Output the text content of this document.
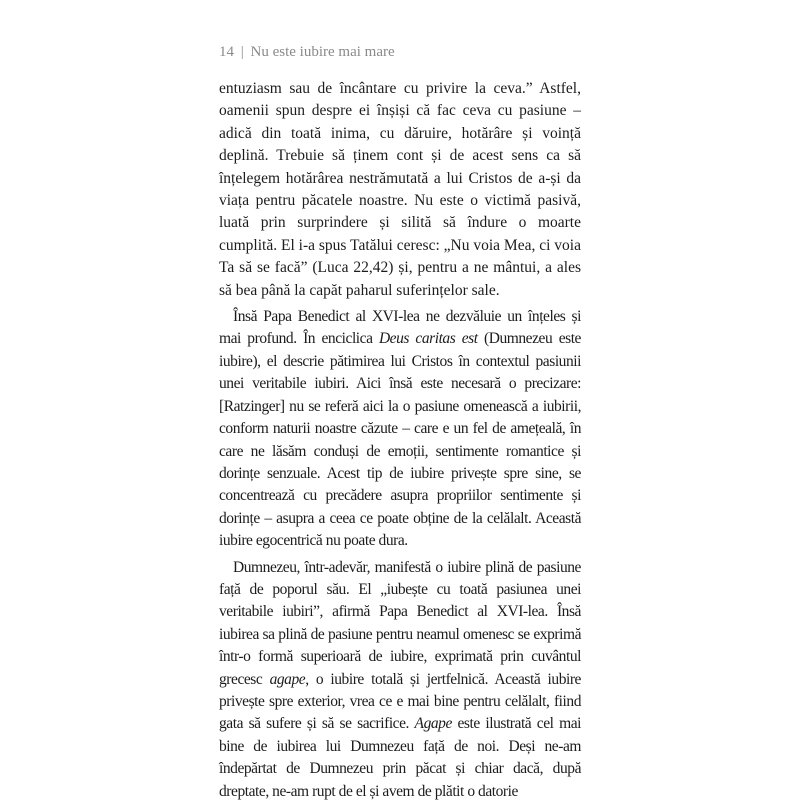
14 | Nu este iubire mai mare

entuziasm sau de încântare cu privire la ceva.” Astfel, oamenii spun despre ei înșiși că fac ceva cu pasiune – adică din toată inima, cu dăruire, hotărâre și voință deplină. Trebuie să ținem cont și de acest sens ca să înțelegem hotărârea nestrămutată a lui Cristos de a-și da viața pentru păcatele noastre. Nu este o victimă pasivă, luată prin surprindere și silită să îndure o moarte cumplită. El i-a spus Tatălui ceresc: „Nu voia Mea, ci voia Ta să se facă” (Luca 22,42) și, pentru a ne mântui, a ales să bea până la capăt paharul suferințelor sale.

Însă Papa Benedict al XVI-lea ne dezvăluie un înțeles și mai profund. În enciclica Deus caritas est (Dumnezeu este iubire), el descrie pătimirea lui Cristos în contextul pasiunii unei veritabile iubiri. Aici însă este necesară o precizare: [Ratzinger] nu se referă aici la o pasiune omenească a iubirii, conform naturii noastre căzute – care e un fel de amețeală, în care ne lăsăm conduși de emoții, sentimente romantice și dorințe senzuale. Acest tip de iubire privește spre sine, se concentrează cu precădere asupra propriilor sentimente și dorințe – asupra a ceea ce poate obține de la celălalt. Această iubire egocentrică nu poate dura.

Dumnezeu, într-adevăr, manifestă o iubire plină de pasiune față de poporul său. El „iubește cu toată pasiunea unei veritabile iubiri”, afirmă Papa Benedict al XVI-lea. Însă iubirea sa plină de pasiune pentru neamul omenesc se exprimă într-o formă superioară de iubire, exprimată prin cuvântul grecesc agape, o iubire totală și jertfelnică. Această iubire privește spre exterior, vrea ce e mai bine pentru celălalt, fiind gata să sufere și să se sacrifice. Agape este ilustrată cel mai bine de iubirea lui Dumnezeu față de noi. Deși ne-am îndepărtat de Dumnezeu prin păcat și chiar dacă, după dreptate, ne-am rupt de el și avem de plătit o datorie
